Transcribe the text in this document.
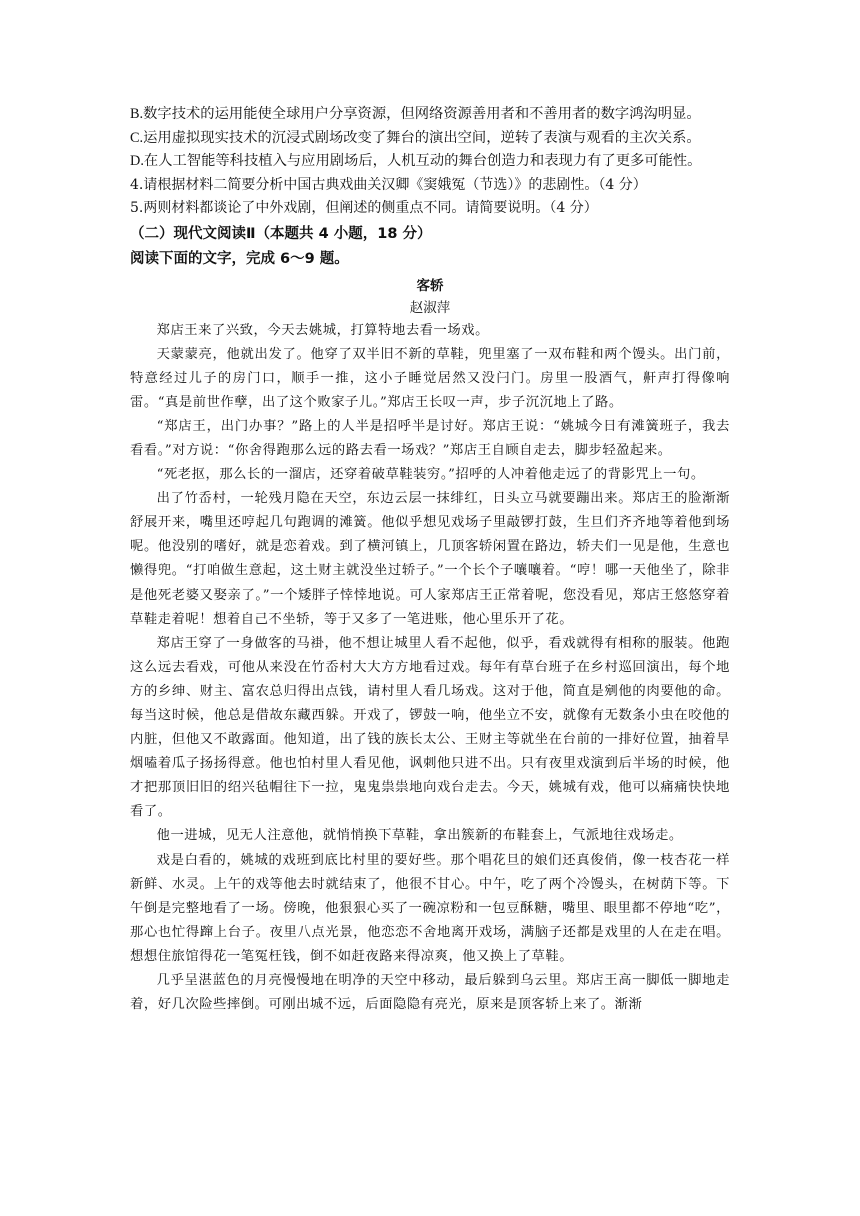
B.数字技术的运用能使全球用户分享资源，但网络资源善用者和不善用者的数字鸿沟明显。
C.运用虚拟现实技术的沉浸式剧场改变了舞台的演出空间，逆转了表演与观看的主次关系。
D.在人工智能等科技植入与应用剧场后，人机互动的舞台创造力和表现力有了更多可能性。
4.请根据材料二简要分析中国古典戏曲关汉卿《窦娥冤（节选）》的悲剧性。（4 分）
5.两则材料都谈论了中外戏剧，但阐述的侧重点不同。请简要说明。（4 分）
（二）现代文阅读Ⅱ（本题共 4 小题，18 分）
阅读下面的文字，完成 6～9 题。
客轿
赵淑萍

郑店王来了兴致，今天去姚城，打算特地去看一场戏。

天蒙蒙亮，他就出发了。他穿了双半旧不新的草鞋，兜里塞了一双布鞋和两个馒头。出门前，特意经过儿子的房门口，顺手一推，这小子睡觉居然又没闩门。房里一股酒气，鼾声打得像响雷。“真是前世作孽，出了这个败家子儿。”郑店王长叹一声，步子沉沉地上了路。

“郑店王，出门办事？”路上的人半是招呼半是讨好。郑店王说：“姚城今日有滩簧班子，我去看看。”对方说：“你舍得跑那么远的路去看一场戏？”郑店王自顾自走去，脚步轻盈起来。

“死老抠，那么长的一溜店，还穿着破草鞋装穷。”招呼的人冲着他走远了的背影咒上一句。

出了竹岙村，一轮残月隐在天空，东边云层一抹绯红，日头立马就要蹦出来。郑店王的脸渐渐舒展开来，嘴里还哼起几句跑调的滩簧。他似乎想见戏场子里敲锣打鼓，生旦们齐齐地等着他到场呢。他没别的嗜好，就是恋着戏。到了横河镇上，几顶客轿闲置在路边，轿夫们一见是他，生意也懒得兜。“打咱做生意起，这土财主就没坐过轿子。”一个长个子嚷嚷着。“哼！哪一天他坐了，除非是他死老婆又娶亲了。”一个矮胖子悻悻地说。可人家郑店王正常着呢，您没看见，郑店王悠悠穿着草鞋走着呢！想着自己不坐轿，等于又多了一笔进账，他心里乐开了花。

郑店王穿了一身做客的马褂，他不想让城里人看不起他，似乎，看戏就得有相称的服装。他跑这么远去看戏，可他从来没在竹岙村大大方方地看过戏。每年有草台班子在乡村巡回演出，每个地方的乡绅、财主、富农总归得出点钱，请村里人看几场戏。这对于他，简直是剜他的肉要他的命。每当这时候，他总是借故东藏西躲。开戏了，锣鼓一响，他坐立不安，就像有无数条小虫在咬他的内脏，但他又不敢露面。他知道，出了钱的族长太公、王财主等就坐在台前的一排好位置，抽着旱烟嗑着瓜子扬扬得意。他也怕村里人看见他，讽刺他只进不出。只有夜里戏演到后半场的时候，他才把那顶旧旧的绍兴毡帽往下一拉，鬼鬼祟祟地向戏台走去。今天，姚城有戏，他可以痛痛快快地看了。

他一进城，见无人注意他，就悄悄换下草鞋，拿出簇新的布鞋套上，气派地往戏场走。

戏是白看的，姚城的戏班到底比村里的要好些。那个唱花旦的娘们还真俊俏，像一枝杏花一样新鲜、水灵。上午的戏等他去时就结束了，他很不甘心。中午，吃了两个冷馒头，在树荫下等。下午倒是完整地看了一场。傍晚，他狠狠心买了一碗凉粉和一包豆酥糖，嘴里、眼里都不停地“吃”，那心也忙得蹿上台子。夜里八点光景，他恋恋不舍地离开戏场，满脑子还都是戏里的人在走在唱。想想住旅馆得花一笔冤枉钱，倒不如赶夜路来得凉爽，他又换上了草鞋。

几乎呈湛蓝色的月亮慢慢地在明净的天空中移动，最后躲到乌云里。郑店王高一脚低一脚地走着，好几次险些摔倒。可刚出城不远，后面隐隐有亮光，原来是顶客轿上来了。渐渐
